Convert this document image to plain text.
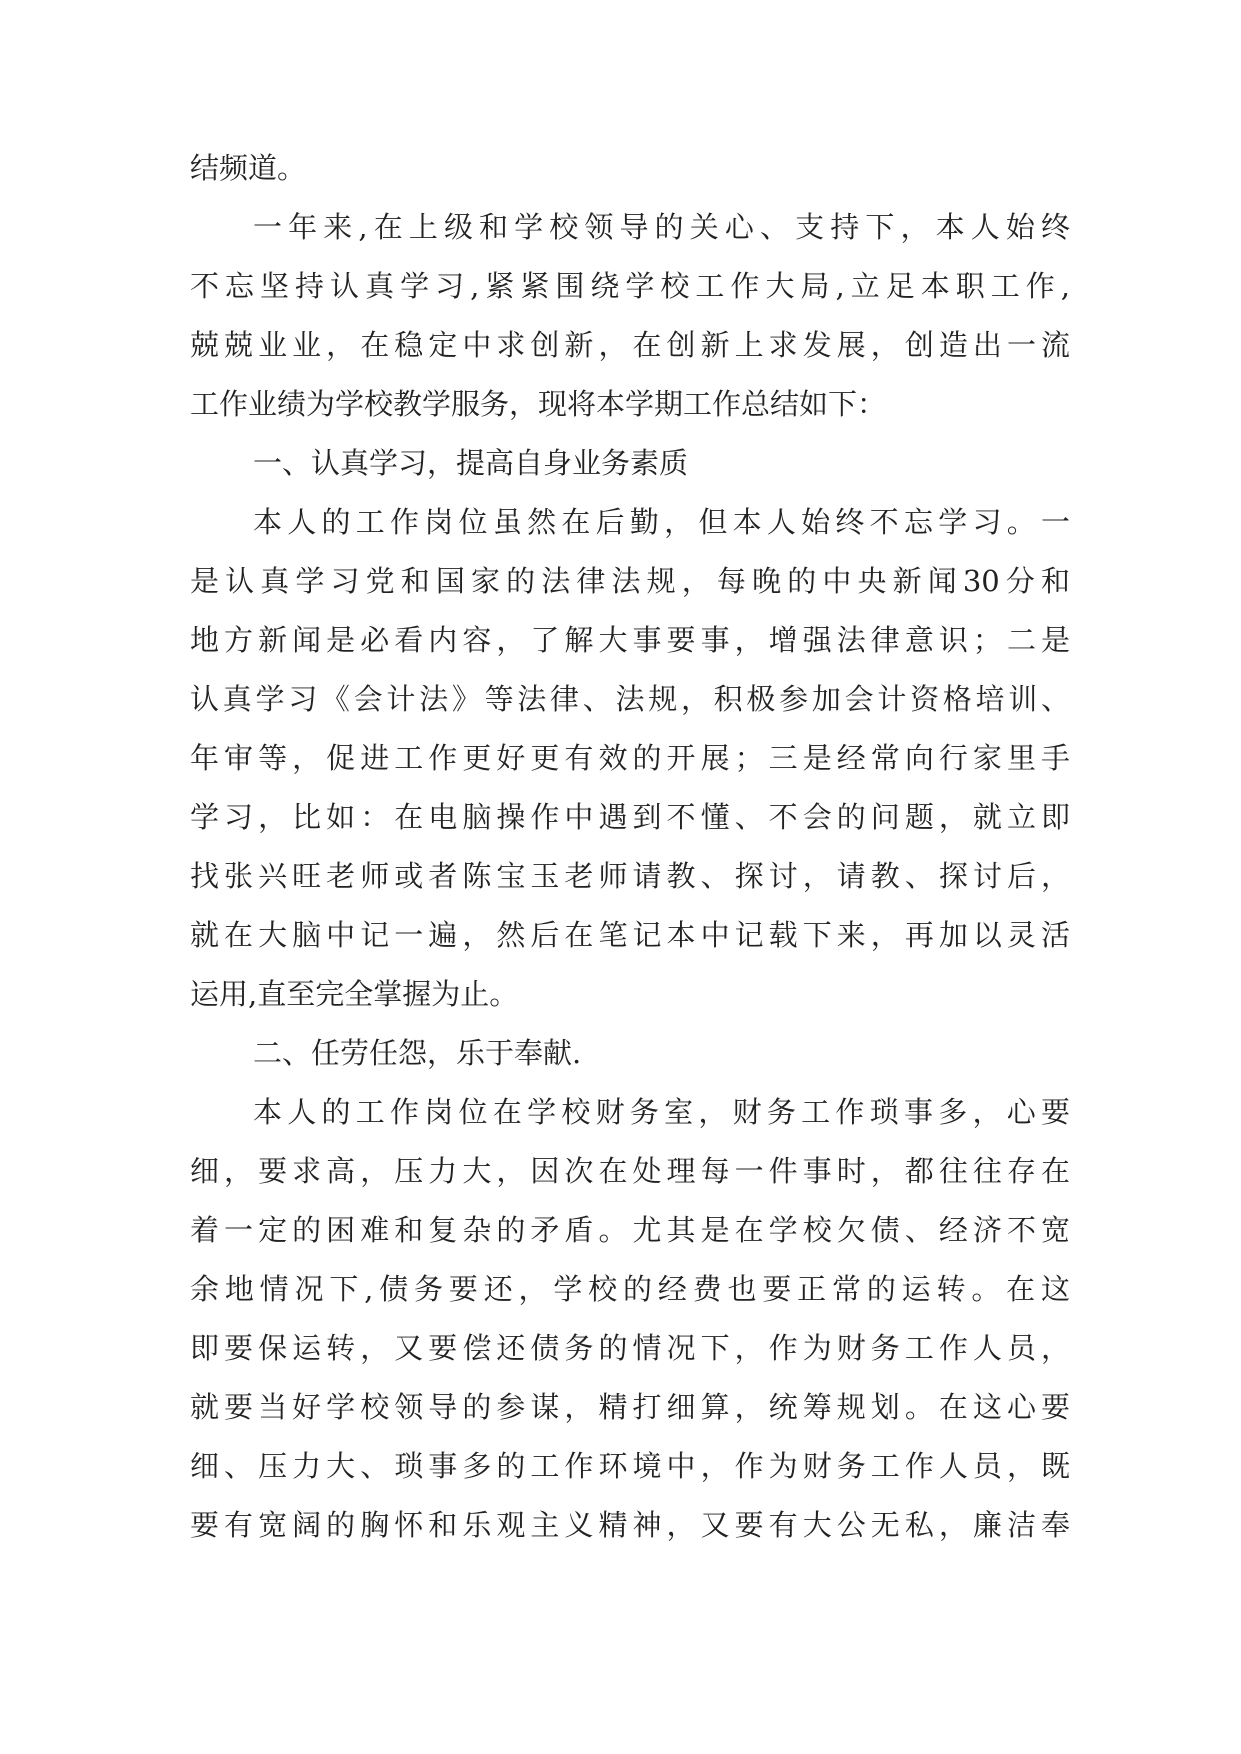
结频道。
一年来,在上级和学校领导的关心、支持下，本人始终
不忘坚持认真学习,紧紧围绕学校工作大局,立足本职工作,
兢兢业业，在稳定中求创新，在创新上求发展，创造出一流
工作业绩为学校教学服务，现将本学期工作总结如下：
一、认真学习，提高自身业务素质
本人的工作岗位虽然在后勤，但本人始终不忘学习。一
是认真学习党和国家的法律法规，每晚的中央新闻30分和
地方新闻是必看内容，了解大事要事，增强法律意识；二是
认真学习《会计法》等法律、法规，积极参加会计资格培训、
年审等，促进工作更好更有效的开展；三是经常向行家里手
学习，比如：在电脑操作中遇到不懂、不会的问题，就立即
找张兴旺老师或者陈宝玉老师请教、探讨，请教、探讨后，
就在大脑中记一遍，然后在笔记本中记载下来，再加以灵活
运用,直至完全掌握为止。
二、任劳任怨，乐于奉献.
本人的工作岗位在学校财务室，财务工作琐事多，心要
细，要求高，压力大，因次在处理每一件事时，都往往存在
着一定的困难和复杂的矛盾。尤其是在学校欠债、经济不宽
余地情况下,债务要还，学校的经费也要正常的运转。在这
即要保运转，又要偿还债务的情况下，作为财务工作人员，
就要当好学校领导的参谋，精打细算，统筹规划。在这心要
细、压力大、琐事多的工作环境中，作为财务工作人员，既
要有宽阔的胸怀和乐观主义精神，又要有大公无私，廉洁奉
